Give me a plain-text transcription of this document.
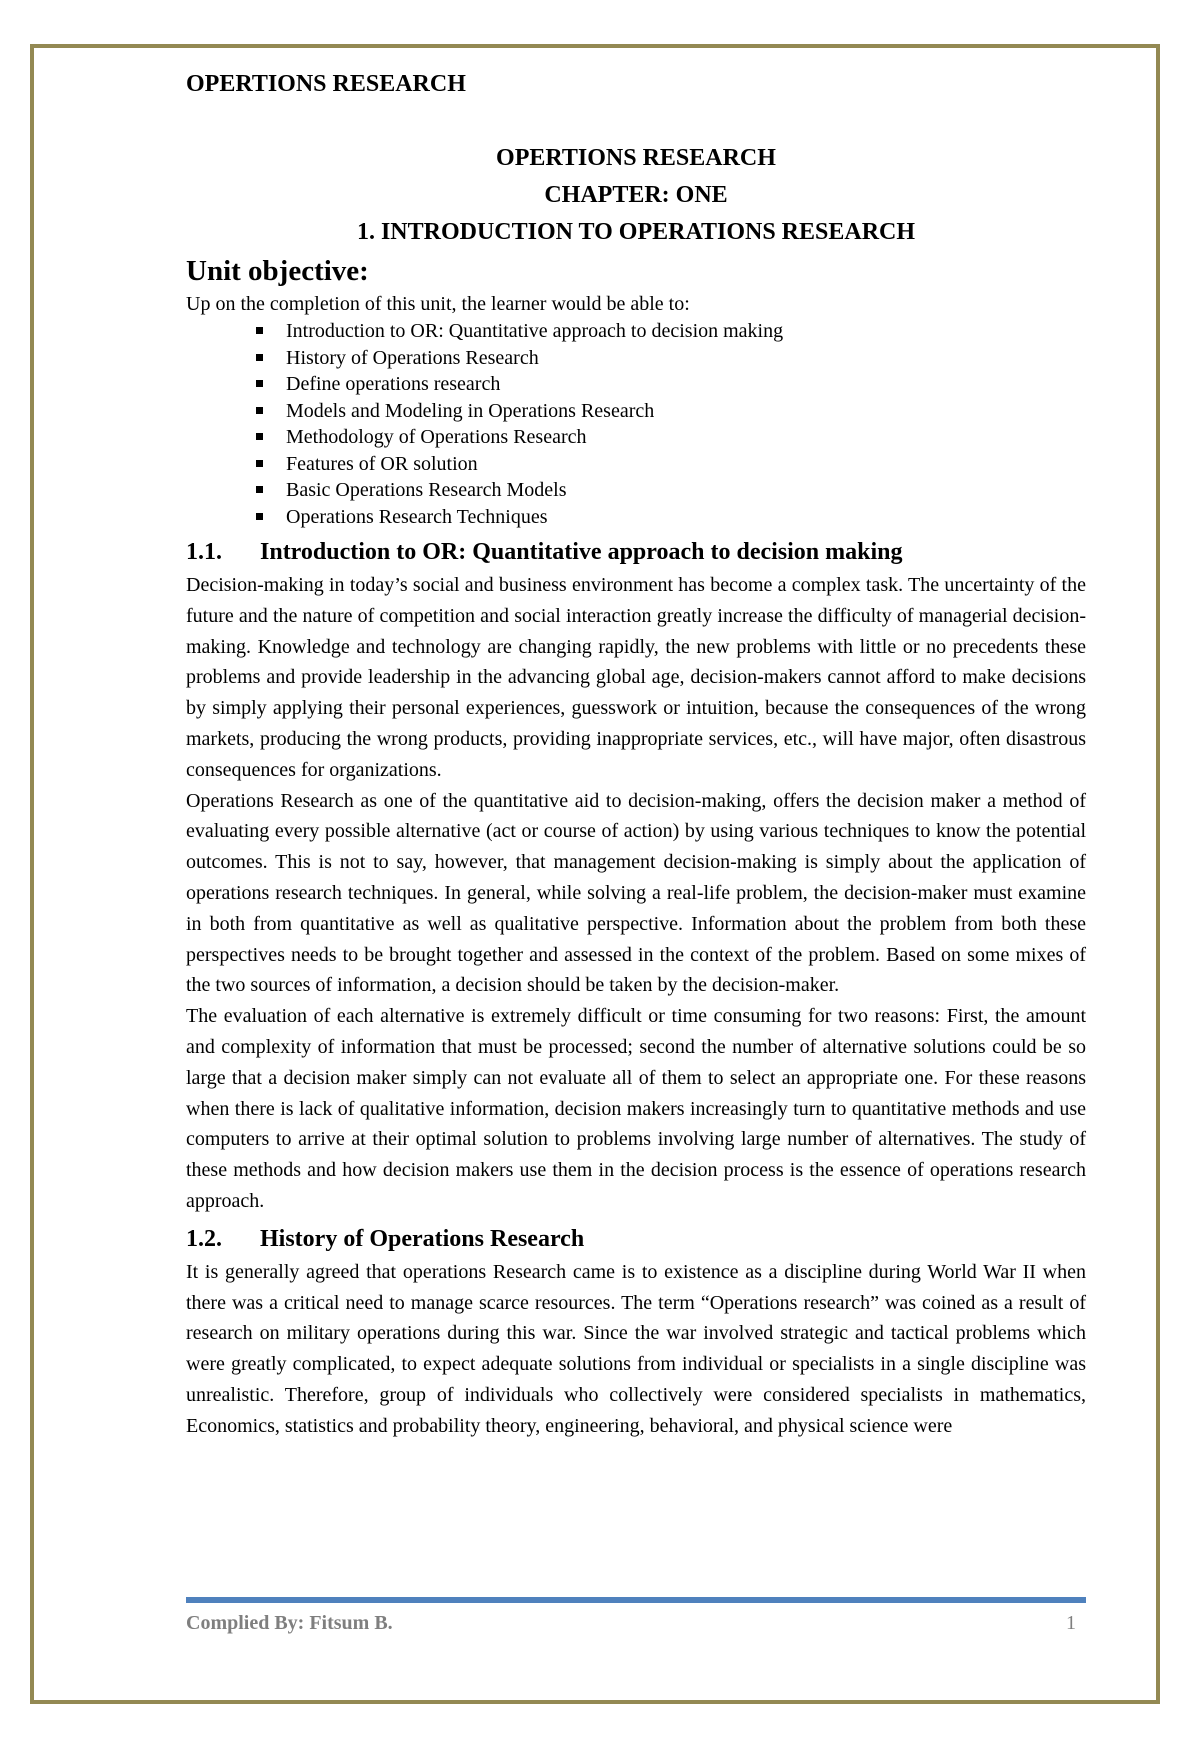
OPERTIONS RESEARCH
OPERTIONS RESEARCH
CHAPTER: ONE
1. INTRODUCTION TO OPERATIONS RESEARCH
Unit objective:

Up on the completion of this unit, the learner would be able to:

Introduction to OR: Quantitative approach to decision making
History of Operations Research
Define operations research
Models and Modeling in Operations Research
Methodology of Operations Research
Features of OR solution
Basic Operations Research Models
Operations Research Techniques
1.1. Introduction to OR: Quantitative approach to decision making

Decision-making in today’s social and business environment has become a complex task. The uncertainty of the future and the nature of competition and social interaction greatly increase the difficulty of managerial decision-making. Knowledge and technology are changing rapidly, the new problems with little or no precedents these problems and provide leadership in the advancing global age, decision-makers cannot afford to make decisions by simply applying their personal experiences, guesswork or intuition, because the consequences of the wrong markets, producing the wrong products, providing inappropriate services, etc., will have major, often disastrous consequences for organizations.

Operations Research as one of the quantitative aid to decision-making, offers the decision maker a method of evaluating every possible alternative (act or course of action) by using various techniques to know the potential outcomes. This is not to say, however, that management decision-making is simply about the application of operations research techniques. In general, while solving a real-life problem, the decision-maker must examine in both from quantitative as well as qualitative perspective. Information about the problem from both these perspectives needs to be brought together and assessed in the context of the problem. Based on some mixes of the two sources of information, a decision should be taken by the decision-maker.

The evaluation of each alternative is extremely difficult or time consuming for two reasons: First, the amount and complexity of information that must be processed; second the number of alternative solutions could be so large that a decision maker simply can not evaluate all of them to select an appropriate one. For these reasons when there is lack of qualitative information, decision makers increasingly turn to quantitative methods and use computers to arrive at their optimal solution to problems involving large number of alternatives. The study of these methods and how decision makers use them in the decision process is the essence of operations research approach.

1.2. History of Operations Research

It is generally agreed that operations Research came is to existence as a discipline during World War II when there was a critical need to manage scarce resources. The term “Operations research” was coined as a result of research on military operations during this war. Since the war involved strategic and tactical problems which were greatly complicated, to expect adequate solutions from individual or specialists in a single discipline was unrealistic. Therefore, group of individuals who collectively were considered specialists in mathematics, Economics, statistics and probability theory, engineering, behavioral, and physical science were

Complied By: Fitsum B.	1
